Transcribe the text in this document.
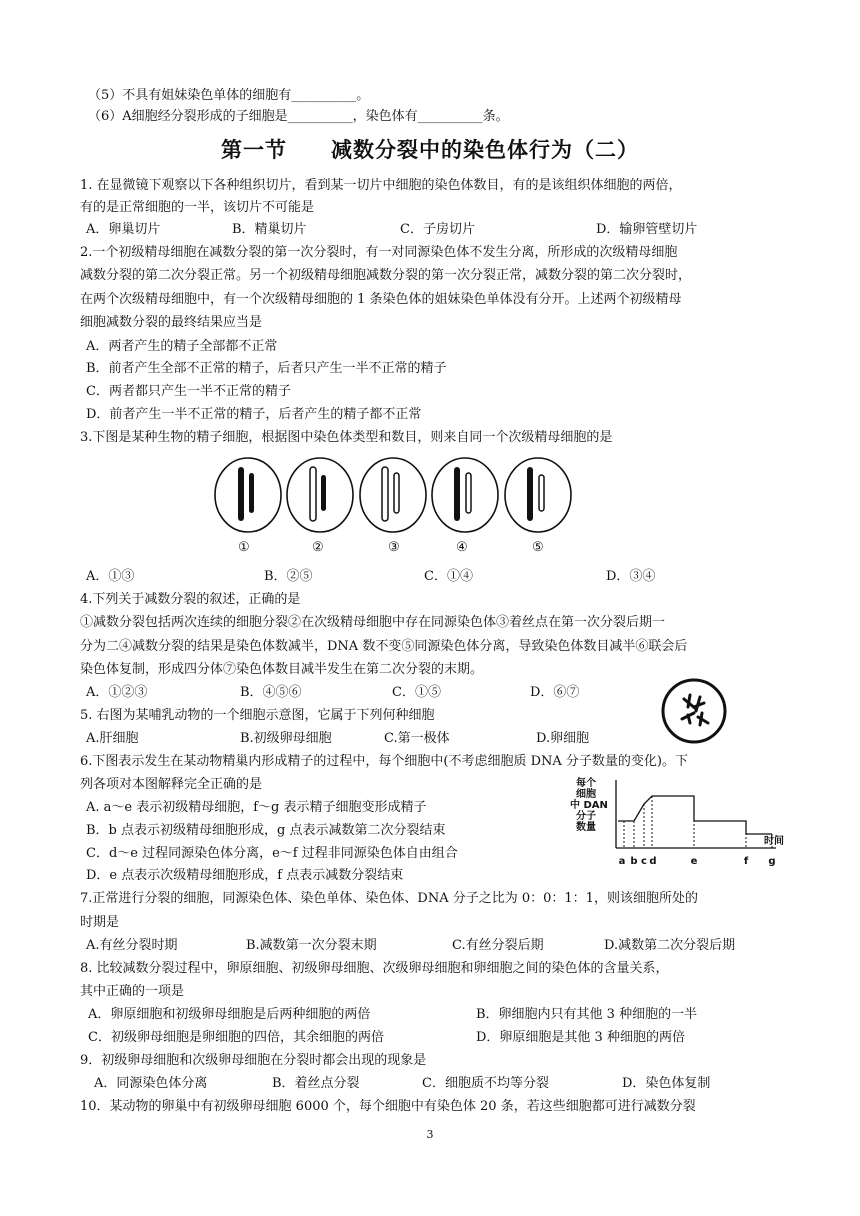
（5）不具有姐妹染色单体的细胞有__________。
（6）A细胞经分裂形成的子细胞是__________，染色体有__________条。
第一节　　减数分裂中的染色体行为（二）
1. 在显微镜下观察以下各种组织切片，看到某一切片中细胞的染色体数目，有的是该组织体细胞的两倍，
有的是正常细胞的一半，该切片不可能是
A．卵巢切片	B．精巢切片	C．子房切片	D．输卵管壁切片
2.一个初级精母细胞在减数分裂的第一次分裂时，有一对同源染色体不发生分离，所形成的次级精母细胞
减数分裂的第二次分裂正常。另一个初级精母细胞减数分裂的第一次分裂正常，减数分裂的第二次分裂时，
在两个次级精母细胞中，有一个次级精母细胞的 1 条染色体的姐妹染色单体没有分开。上述两个初级精母
细胞减数分裂的最终结果应当是
A．两者产生的精子全部都不正常
B．前者产生全部不正常的精子，后者只产生一半不正常的精子
C．两者都只产生一半不正常的精子
D．前者产生一半不正常的精子，后者产生的精子都不正常
3.下图是某种生物的精子细胞，根据图中染色体类型和数目，则来自同一个次级精母细胞的是
①	②	③	④	⑤
A．①③	B．②⑤	C．①④	D．③④
4.下列关于减数分裂的叙述，正确的是
①减数分裂包括两次连续的细胞分裂②在次级精母细胞中存在同源染色体③着丝点在第一次分裂后期一
分为二④减数分裂的结果是染色体数减半，DNA 数不变⑤同源染色体分离，导致染色体数目减半⑥联会后
染色体复制，形成四分体⑦染色体数目减半发生在第二次分裂的末期。
A．①②③	B．④⑤⑥	C．①⑤	D．⑥⑦
5. 右图为某哺乳动物的一个细胞示意图，它属于下列何种细胞
A.肝细胞	B.初级卵母细胞	C.第一极体	D.卵细胞
6.下图表示发生在某动物精巢内形成精子的过程中，每个细胞中(不考虑细胞质 DNA 分子数量的变化)。下
列各项对本图解释完全正确的是
A. a～e 表示初级精母细胞，f～g 表示精子细胞变形成精子
B．b 点表示初级精母细胞形成，g 点表示减数第二次分裂结束
C．d～e 过程同源染色体分离，e～f 过程非同源染色体自由组合
D．e 点表示次级精母细胞形成，f 点表示减数分裂结束
每个
细胞
中 DAN
分子
数量
时间
a b c d	e	f g
7.正常进行分裂的细胞，同源染色体、染色单体、染色体、DNA 分子之比为 0：0：1：1，则该细胞所处的
时期是
A.有丝分裂时期	B.减数第一次分裂末期	C.有丝分裂后期	D.减数第二次分裂后期
8. 比较减数分裂过程中，卵原细胞、初级卵母细胞、次级卵母细胞和卵细胞之间的染色体的含量关系，
其中正确的一项是
A．卵原细胞和初级卵母细胞是后两种细胞的两倍	B．卵细胞内只有其他 3 种细胞的一半
C．初级卵母细胞是卵细胞的四倍，其余细胞的两倍	D．卵原细胞是其他 3 种细胞的两倍
9．初级卵母细胞和次级卵母细胞在分裂时都会出现的现象是
A．同源染色体分离	B．着丝点分裂	C．细胞质不均等分裂	D．染色体复制
10．某动物的卵巢中有初级卵母细胞 6000 个，每个细胞中有染色体 20 条，若这些细胞都可进行减数分裂
3
